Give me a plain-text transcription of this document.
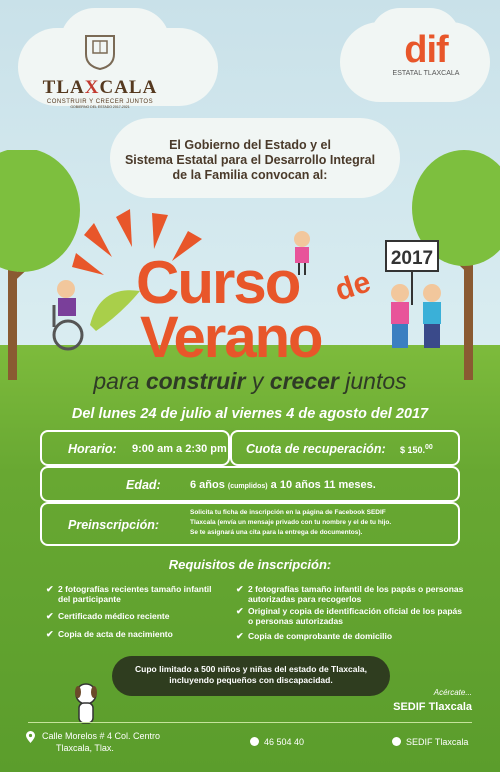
TLAXCALA
CONSTRUIR Y CRECER JUNTOS
GOBIERNO DEL ESTADO 2017-2021
dif
ESTATAL TLAXCALA
El Gobierno del Estado y el
Sistema Estatal para el Desarrollo Integral
de la Familia convocan al:
2017
Curso de
Verano
para construir y crecer juntos
Del lunes 24 de julio al viernes 4 de agosto del 2017
Horario: 9:00 am a 2:30 pm Cuota de recuperación: $ 150.00
Edad:	6 años (cumplidos) a 10 años 11 meses.
Preinscripción:
Solicita tu ficha de inscripción en la página de Facebook SEDIF
Tlaxcala (envía un mensaje privado con tu nombre y el de tu hijo.
Se te asignará una cita para la entrega de documentos).
Requisitos de inscripción:
✔ 2 fotografías recientes tamaño infantil del participante
✔ Certificado médico reciente
✔ Copia de acta de nacimiento
✔ 2 fotografías tamaño infantil de los papás o personas autorizadas para recogerlos
✔ Original y copia de identificación oficial de los papás o personas autorizadas
✔ Copia de comprobante de domicilio
Cupo limitado a 500 niños y niñas del estado de Tlaxcala,
incluyendo pequeños con discapacidad.
Acércate...
SEDIF Tlaxcala
Calle Morelos # 4 Col. Centro
Tlaxcala, Tlax.
46 504 40	SEDIF Tlaxcala
